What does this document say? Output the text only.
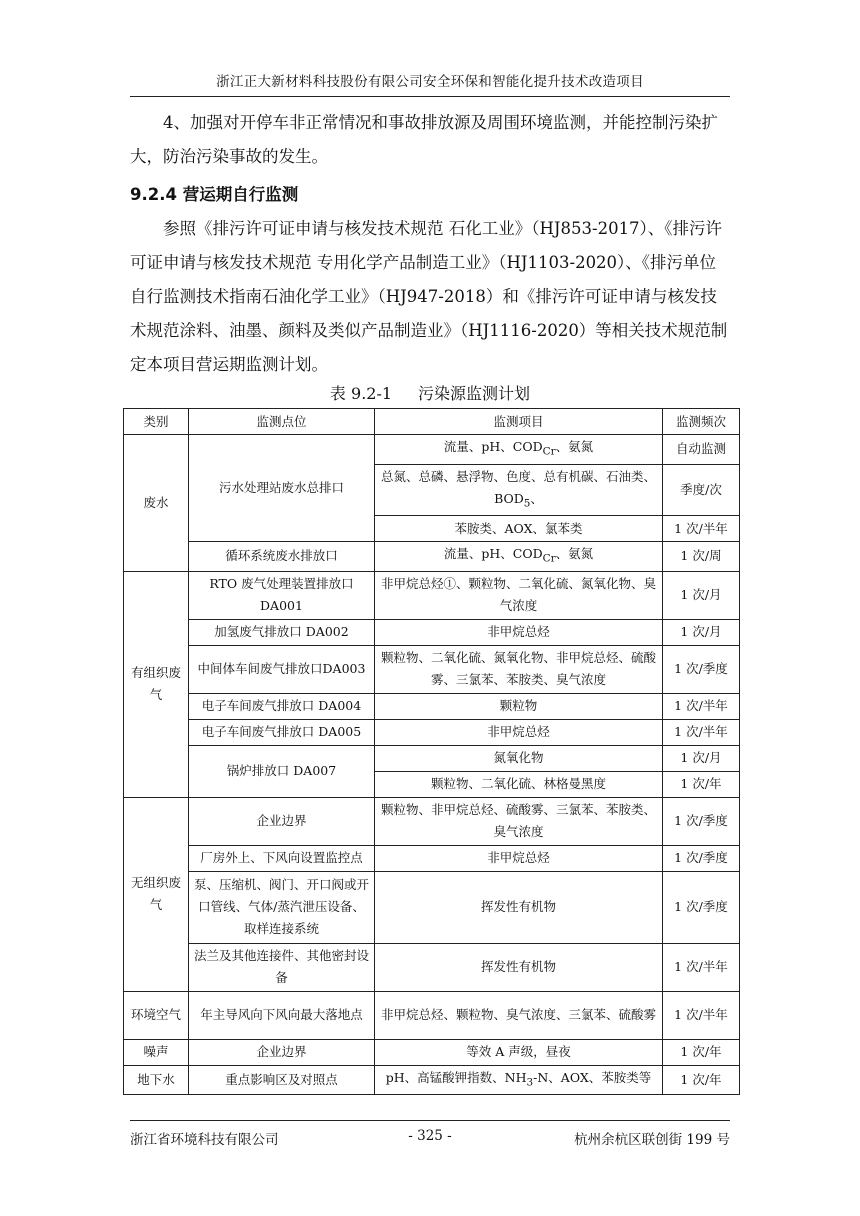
浙江正大新材料科技股份有限公司安全环保和智能化提升技术改造项目
4、加强对开停车非正常情况和事故排放源及周围环境监测，并能控制污染扩大，防治污染事故的发生。
9.2.4 营运期自行监测
参照《排污许可证申请与核发技术规范 石化工业》（HJ853-2017）、《排污许可证申请与核发技术规范 专用化学产品制造工业》（HJ1103-2020）、《排污单位自行监测技术指南石油化学工业》（HJ947-2018）和《排污许可证申请与核发技术规范涂料、油墨、颜料及类似产品制造业》（HJ1116-2020）等相关技术规范制定本项目营运期监测计划。
表 9.2-1 污染源监测计划
类别	监测点位	监测项目	监测频次
废水	污水处理站废水总排口	流量、pH、$COD_{Cr}$、氨氮	自动监测
		总氮、总磷、悬浮物、色度、总有机碳、石油类、$BOD_5$、	季度/次
		苯胺类、AOX、氯苯类	1 次/半年
	循环系统废水排放口	流量、pH、$COD_{Cr}$、氨氮	1 次/周
有组织废气	RTO 废气处理装置排放口DA001	非甲烷总烃①、颗粒物、二氧化硫、氮氧化物、臭气浓度	1 次/月
	加氢废气排放口 DA002	非甲烷总烃	1 次/月
	中间体车间废气排放口DA003	颗粒物、二氧化硫、氮氧化物、非甲烷总烃、硫酸雾、三氯苯、苯胺类、臭气浓度	1 次/季度
	电子车间废气排放口 DA004	颗粒物	1 次/半年
	电子车间废气排放口 DA005	非甲烷总烃	1 次/半年
	锅炉排放口 DA007	氮氧化物	1 次/月
		颗粒物、二氧化硫、林格曼黑度	1 次/年
无组织废气	企业边界	颗粒物、非甲烷总烃、硫酸雾、三氯苯、苯胺类、臭气浓度	1 次/季度
	厂房外上、下风向设置监控点	非甲烷总烃	1 次/季度
	泵、压缩机、阀门、开口阀或开口管线、气体/蒸汽泄压设备、取样连接系统	挥发性有机物	1 次/季度
	法兰及其他连接件、其他密封设备	挥发性有机物	1 次/半年
环境空气	年主导风向下风向最大落地点	非甲烷总烃、颗粒物、臭气浓度、三氯苯、硫酸雾	1 次/半年
噪声	企业边界	等效 A 声级，昼夜	1 次/年
地下水	重点影响区及对照点	pH、高锰酸钾指数、$NH_3-N$、AOX、苯胺类等	1 次/年
浙江省环境科技有限公司	- 325 -	杭州余杭区联创街 199 号
